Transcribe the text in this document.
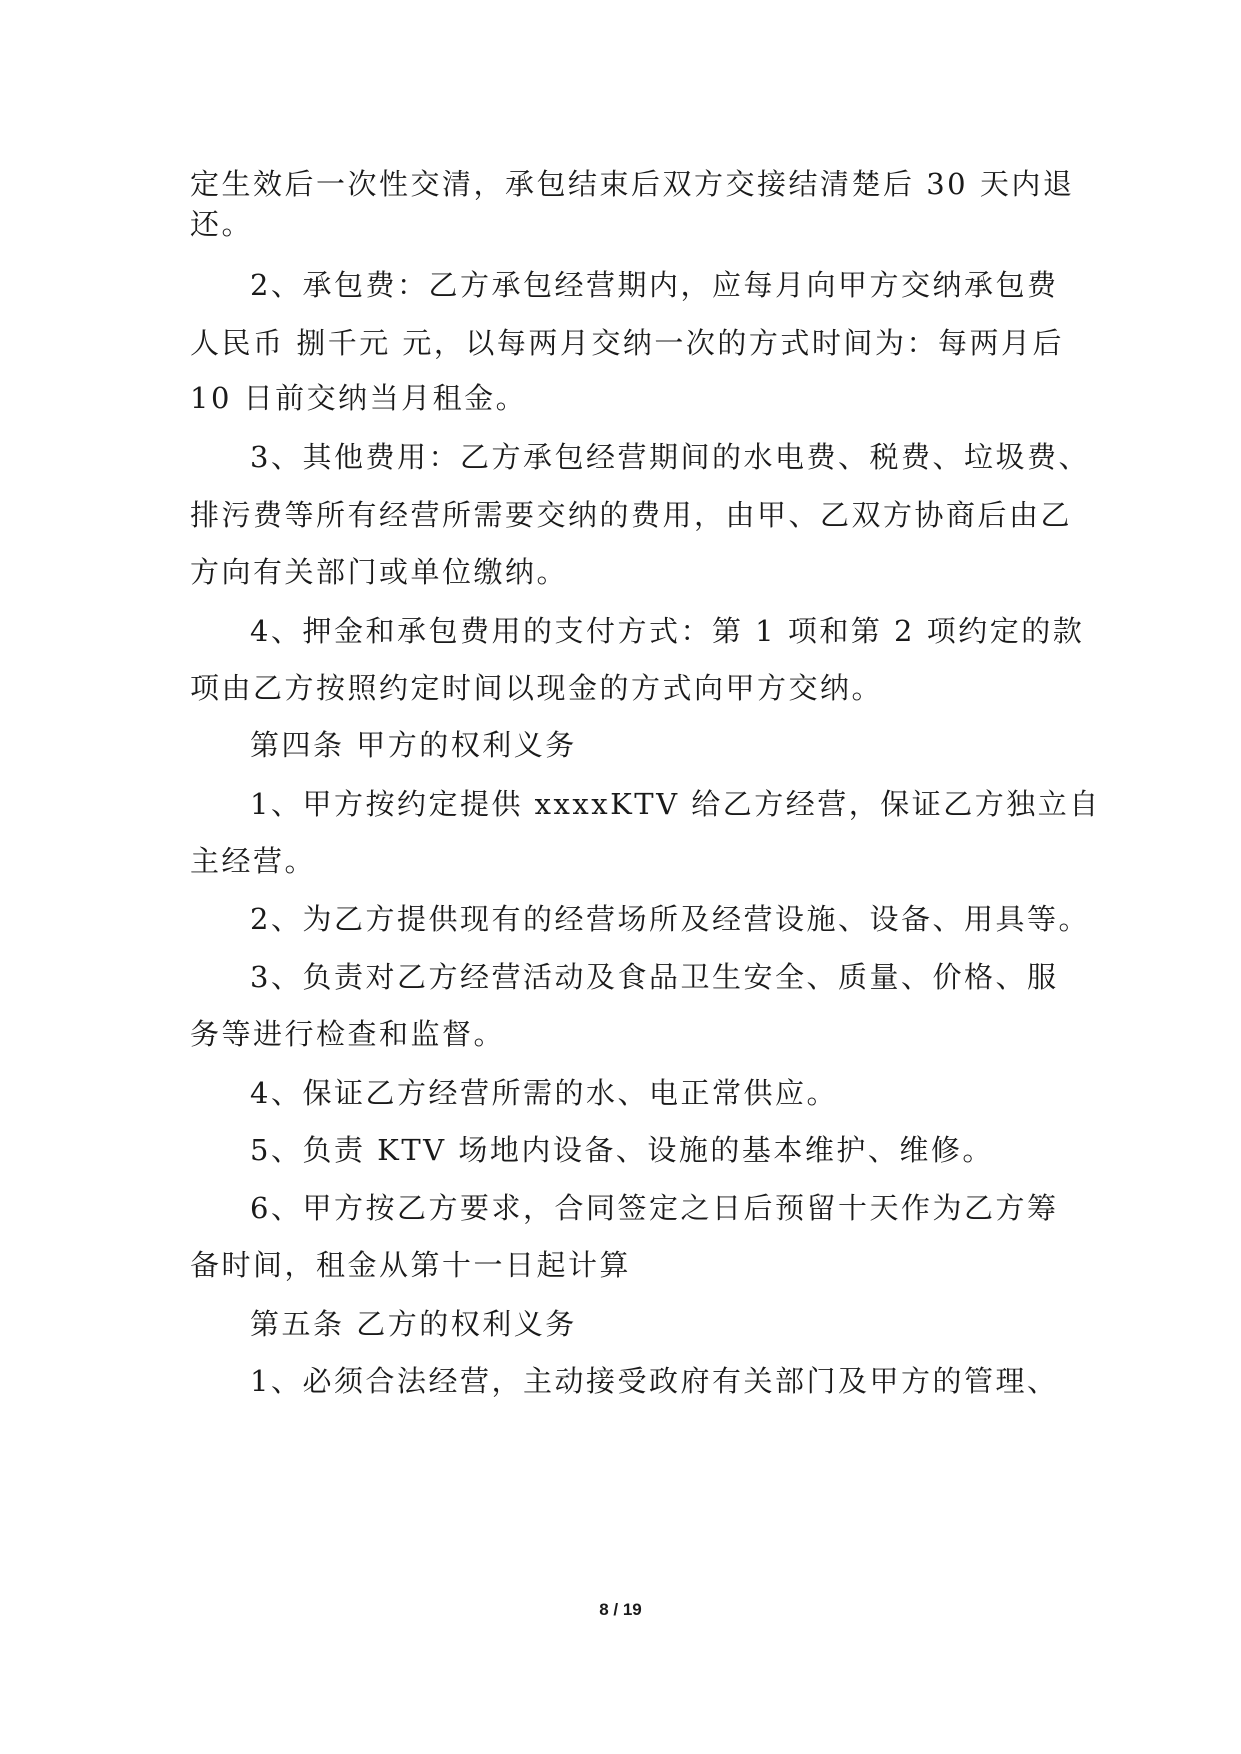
定生效后一次性交清，承包结束后双方交接结清楚后 30 天内退
还。
2、承包费：乙方承包经营期内，应每月向甲方交纳承包费
人民币 捌千元 元，以每两月交纳一次的方式时间为：每两月后
10 日前交纳当月租金。
3、其他费用：乙方承包经营期间的水电费、税费、垃圾费、
排污费等所有经营所需要交纳的费用，由甲、乙双方协商后由乙
方向有关部门或单位缴纳。
4、押金和承包费用的支付方式：第 1 项和第 2 项约定的款
项由乙方按照约定时间以现金的方式向甲方交纳。
第四条 甲方的权利义务
1、甲方按约定提供 xxxxKTV 给乙方经营，保证乙方独立自
主经营。
2、为乙方提供现有的经营场所及经营设施、设备、用具等。
3、负责对乙方经营活动及食品卫生安全、质量、价格、服
务等进行检查和监督。
4、保证乙方经营所需的水、电正常供应。
5、负责 KTV 场地内设备、设施的基本维护、维修。
6、甲方按乙方要求，合同签定之日后预留十天作为乙方筹
备时间，租金从第十一日起计算
第五条 乙方的权利义务
1、必须合法经营，主动接受政府有关部门及甲方的管理、
8 / 19
